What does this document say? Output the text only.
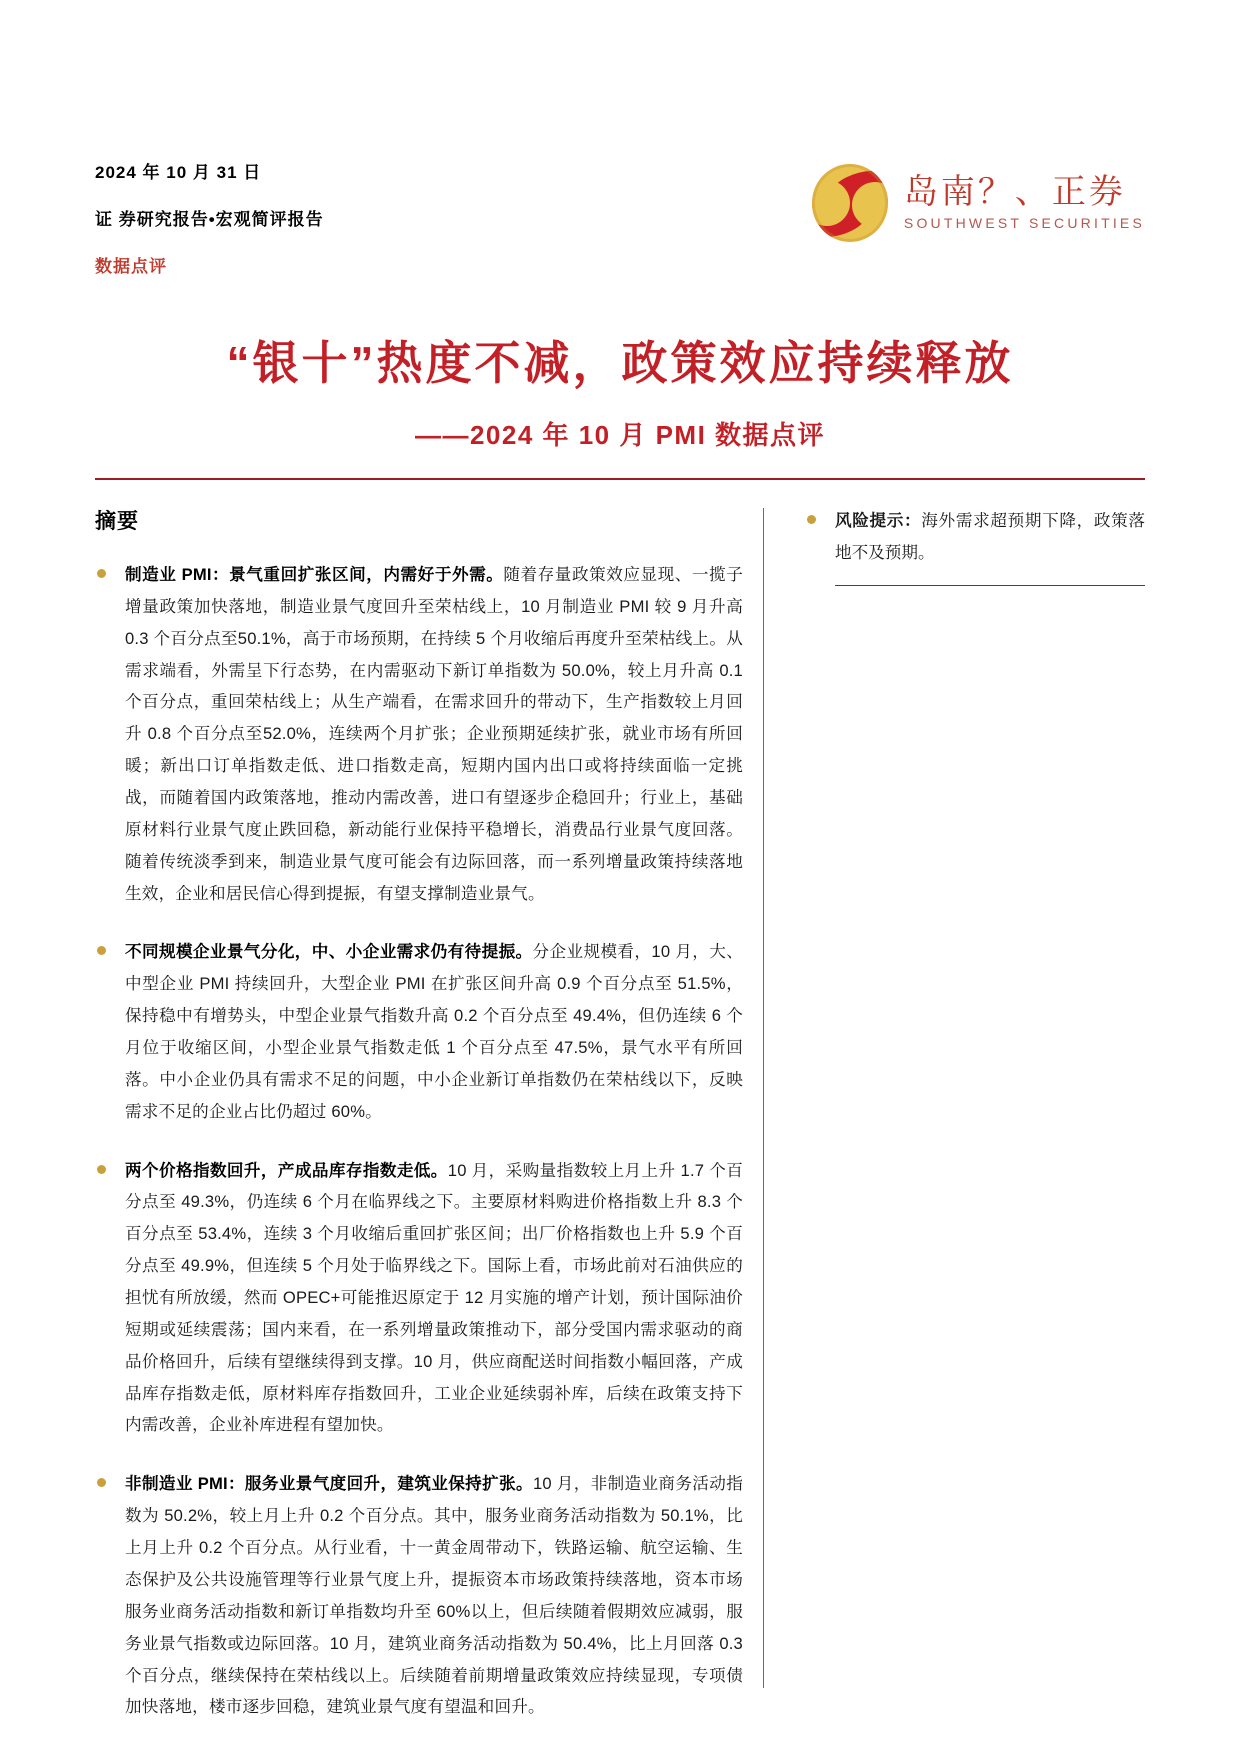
2024 年 10 月 31 日
证 券研究报告•宏观简评报告
数据点评
岛南？、正券
SOUTHWEST SECURITIES
“银十”热度不减，政策效应持续释放
——2024 年 10 月 PMI 数据点评
摘要
制造业 PMI：景气重回扩张区间，内需好于外需。随着存量政策效应显现、一揽子增量政策加快落地，制造业景气度回升至荣枯线上，10 月制造业 PMI 较 9 月升高 0.3 个百分点至50.1%，高于市场预期，在持续 5 个月收缩后再度升至荣枯线上。从需求端看，外需呈下行态势，在内需驱动下新订单指数为 50.0%，较上月升高 0.1 个百分点，重回荣枯线上；从生产端看，在需求回升的带动下，生产指数较上月回升 0.8 个百分点至52.0%，连续两个月扩张；企业预期延续扩张，就业市场有所回暖；新出口订单指数走低、进口指数走高，短期内国内出口或将持续面临一定挑战，而随着国内政策落地，推动内需改善，进口有望逐步企稳回升；行业上，基础原材料行业景气度止跌回稳，新动能行业保持平稳增长，消费品行业景气度回落。随着传统淡季到来，制造业景气度可能会有边际回落，而一系列增量政策持续落地生效，企业和居民信心得到提振，有望支撑制造业景气。
不同规模企业景气分化，中、小企业需求仍有待提振。分企业规模看，10 月，大、中型企业 PMI 持续回升，大型企业 PMI 在扩张区间升高 0.9 个百分点至 51.5%，保持稳中有增势头，中型企业景气指数升高 0.2 个百分点至 49.4%，但仍连续 6 个月位于收缩区间，小型企业景气指数走低 1 个百分点至 47.5%，景气水平有所回落。中小企业仍具有需求不足的问题，中小企业新订单指数仍在荣枯线以下，反映需求不足的企业占比仍超过 60%。
两个价格指数回升，产成品库存指数走低。10 月，采购量指数较上月上升 1.7 个百分点至 49.3%，仍连续 6 个月在临界线之下。主要原材料购进价格指数上升 8.3 个百分点至 53.4%，连续 3 个月收缩后重回扩张区间；出厂价格指数也上升 5.9 个百分点至 49.9%，但连续 5 个月处于临界线之下。国际上看，市场此前对石油供应的担忧有所放缓，然而 OPEC+可能推迟原定于 12 月实施的增产计划，预计国际油价短期或延续震荡；国内来看，在一系列增量政策推动下，部分受国内需求驱动的商品价格回升，后续有望继续得到支撑。10 月，供应商配送时间指数小幅回落，产成品库存指数走低，原材料库存指数回升，工业企业延续弱补库，后续在政策支持下内需改善，企业补库进程有望加快。
非制造业 PMI：服务业景气度回升，建筑业保持扩张。10 月，非制造业商务活动指数为 50.2%，较上月上升 0.2 个百分点。其中，服务业商务活动指数为 50.1%，比上月上升 0.2 个百分点。从行业看，十一黄金周带动下，铁路运输、航空运输、生态保护及公共设施管理等行业景气度上升，提振资本市场政策持续落地，资本市场服务业商务活动指数和新订单指数均升至 60%以上，但后续随着假期效应减弱，服务业景气指数或边际回落。10 月，建筑业商务活动指数为 50.4%，比上月回落 0.3 个百分点，继续保持在荣枯线以上。后续随着前期增量政策效应持续显现，专项债加快落地，楼市逐步回稳，建筑业景气度有望温和回升。
风险提示：海外需求超预期下降，政策落地不及预期。
